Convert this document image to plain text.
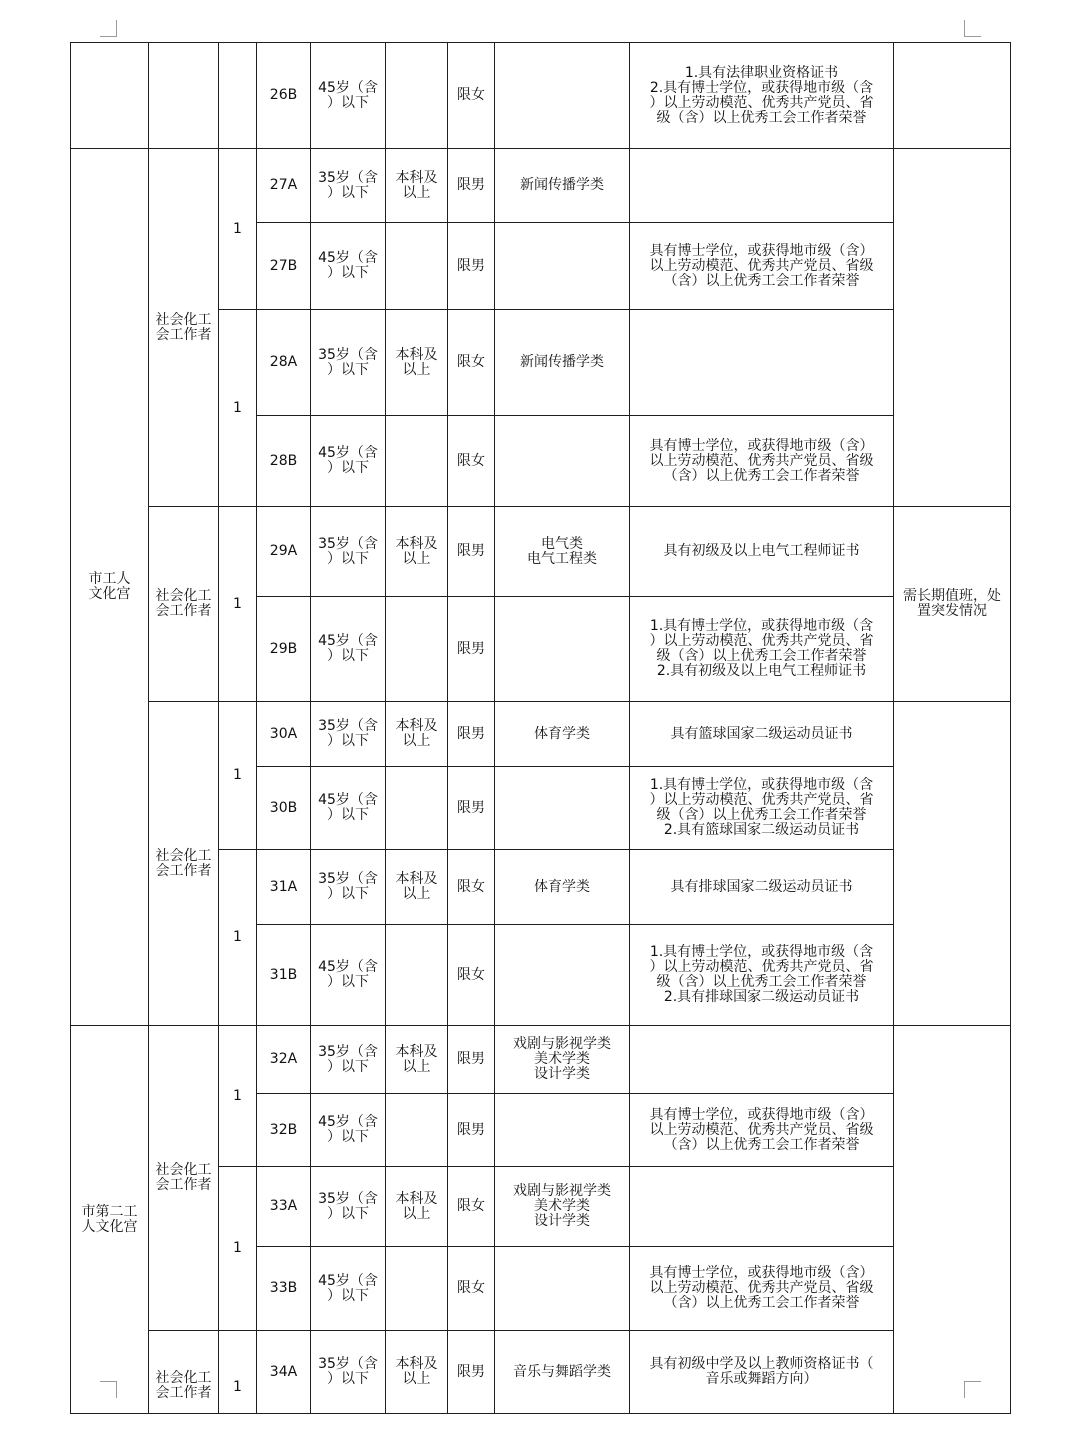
			26B	45岁（含
）以下		限女		1.具有法律职业资格证书
2.具有博士学位，或获得地市级（含
）以上劳动模范、优秀共产党员、省
级（含）以上优秀工会工作者荣誉	

市工人
文化宫	社会化工
会工作者	1	27A	35岁（含
）以下	本科及
以上	限男	新闻传播学类		

			27B	45岁（含
）以下		限男		具有博士学位，或获得地市级（含）
以上劳动模范、优秀共产党员、省级
（含）以上优秀工会工作者荣誉	

		1	28A	35岁（含
）以下	本科及
以上	限女	新闻传播学类		

			28B	45岁（含
）以下		限女		具有博士学位，或获得地市级（含）
以上劳动模范、优秀共产党员、省级
（含）以上优秀工会工作者荣誉	

	社会化工
会工作者	1	29A	35岁（含
）以下	本科及
以上	限男	电气类
电气工程类	具有初级及以上电气工程师证书	需长期值班，处
置突发情况

			29B	45岁（含
）以下		限男		1.具有博士学位，或获得地市级（含
）以上劳动模范、优秀共产党员、省
级（含）以上优秀工会工作者荣誉
2.具有初级及以上电气工程师证书	

	社会化工
会工作者	1	30A	35岁（含
）以下	本科及
以上	限男	体育学类	具有篮球国家二级运动员证书	

			30B	45岁（含
）以下		限男		1.具有博士学位，或获得地市级（含
）以上劳动模范、优秀共产党员、省
级（含）以上优秀工会工作者荣誉
2.具有篮球国家二级运动员证书	

		1	31A	35岁（含
）以下	本科及
以上	限女	体育学类	具有排球国家二级运动员证书	

			31B	45岁（含
）以下		限女		1.具有博士学位，或获得地市级（含
）以上劳动模范、优秀共产党员、省
级（含）以上优秀工会工作者荣誉
2.具有排球国家二级运动员证书	

市第二工
人文化宫	社会化工
会工作者	1	32A	35岁（含
）以下	本科及
以上	限男	戏剧与影视学类
美术学类
设计学类		

			32B	45岁（含
）以下		限男		具有博士学位，或获得地市级（含）
以上劳动模范、优秀共产党员、省级
（含）以上优秀工会工作者荣誉	

		1	33A	35岁（含
）以下	本科及
以上	限女	戏剧与影视学类
美术学类
设计学类		

			33B	45岁（含
）以下		限女		具有博士学位，或获得地市级（含）
以上劳动模范、优秀共产党员、省级
（含）以上优秀工会工作者荣誉	

	社会化工
会工作者	1	34A	35岁（含
）以下	本科及
以上	限男	音乐与舞蹈学类	具有初级中学及以上教师资格证书（
音乐或舞蹈方向）	
